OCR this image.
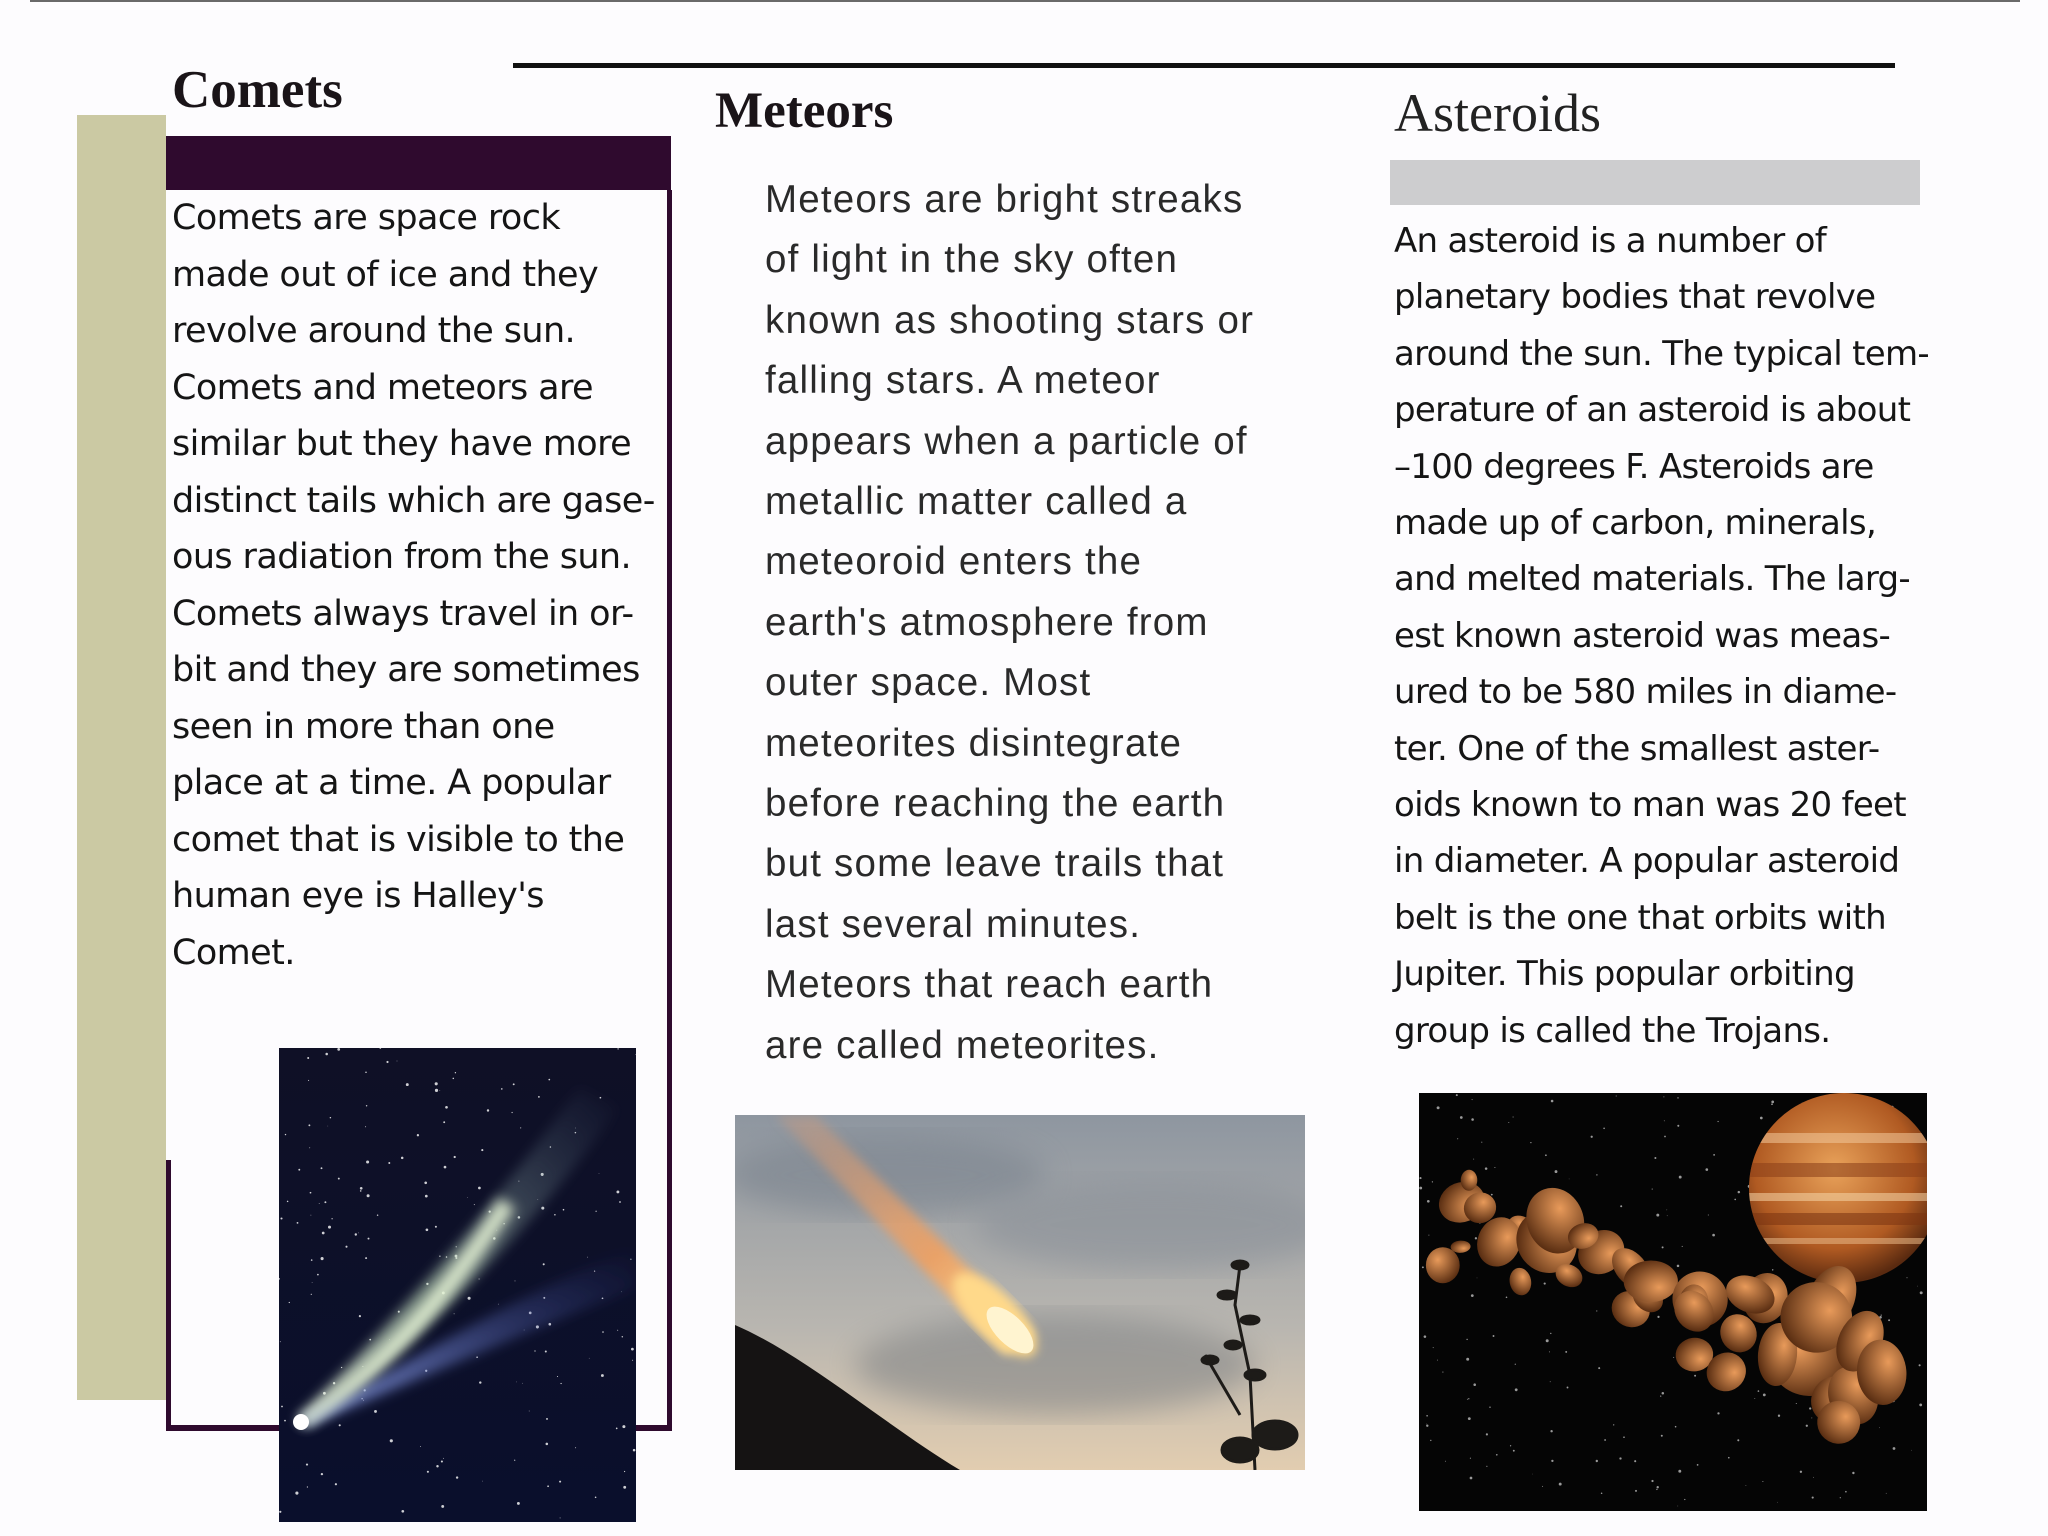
Comets	Meteors	Asteroids

Comets are space rock
made out of ice and they
revolve around the sun.
Comets and meteors are
similar but they have more
distinct tails which are gase-
ous radiation from the sun.
Comets always travel in or-
bit and they are sometimes
seen in more than one
place at a time. A popular
comet that is visible to the
human eye is Halley's
Comet.

Meteors are bright streaks
of light in the sky often
known as shooting stars or
falling stars. A meteor
appears when a particle of
metallic matter called a
meteoroid enters the
earth's atmosphere from
outer space. Most
meteorites disintegrate
before reaching the earth
but some leave trails that
last several minutes.
Meteors that reach earth
are called meteorites.

An asteroid is a number of
planetary bodies that revolve
around the sun. The typical tem-
perature of an asteroid is about
–100 degrees F. Asteroids are
made up of carbon, minerals,
and melted materials. The larg-
est known asteroid was meas-
ured to be 580 miles in diame-
ter. One of the smallest aster-
oids known to man was 20 feet
in diameter. A popular asteroid
belt is the one that orbits with
Jupiter. This popular orbiting
group is called the Trojans.
